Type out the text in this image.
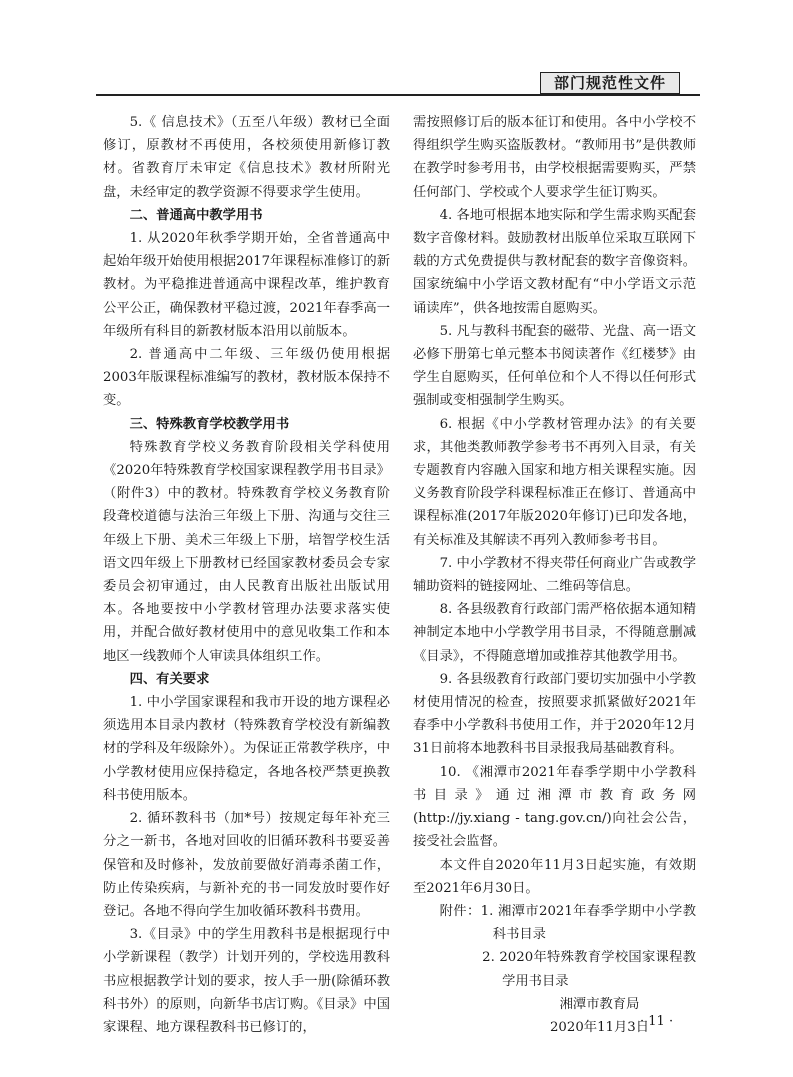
部门规范性文件

5.《 信息技术》（五至八年级）教材已全面修订，原教材不再使用，各校须使用新修订教材。省教育厅未审定《信息技术》教材所附光盘，未经审定的教学资源不得要求学生使用。

二、普通高中教学用书

1. 从2020年秋季学期开始，全省普通高中起始年级开始使用根据2017年课程标准修订的新教材。为平稳推进普通高中课程改革，维护教育公平公正，确保教材平稳过渡，2021年春季高一年级所有科目的新教材版本沿用以前版本。

2. 普通高中二年级、三年级仍使用根据2003年版课程标准编写的教材，教材版本保持不变。

三、特殊教育学校教学用书

特殊教育学校义务教育阶段相关学科使用《2020年特殊教育学校国家课程教学用书目录》（附件3）中的教材。特殊教育学校义务教育阶段聋校道德与法治三年级上下册、沟通与交往三年级上下册、美术三年级上下册，培智学校生活语文四年级上下册教材已经国家教材委员会专家委员会初审通过，由人民教育出版社出版试用本。各地要按中小学教材管理办法要求落实使用，并配合做好教材使用中的意见收集工作和本地区一线教师个人审读具体组织工作。

四、有关要求

1. 中小学国家课程和我市开设的地方课程必须选用本目录内教材（特殊教育学校没有新编教材的学科及年级除外）。为保证正常教学秩序，中小学教材使用应保持稳定，各地各校严禁更换教科书使用版本。

2. 循环教科书（加*号）按规定每年补充三分之一新书，各地对回收的旧循环教科书要妥善保管和及时修补，发放前要做好消毒杀菌工作，防止传染疾病，与新补充的书一同发放时要作好登记。各地不得向学生加收循环教科书费用。

3.《目录》中的学生用教科书是根据现行中小学新课程（教学）计划开列的，学校选用教科书应根据教学计划的要求，按人手一册(除循环教科书外）的原则，向新华书店订购。《目录》中国家课程、地方课程教科书已修订的，

需按照修订后的版本征订和使用。各中小学校不得组织学生购买盗版教材。“教师用书”是供教师在教学时参考用书，由学校根据需要购买，严禁任何部门、学校或个人要求学生征订购买。

4. 各地可根据本地实际和学生需求购买配套数字音像材料。鼓励教材出版单位采取互联网下载的方式免费提供与教材配套的数字音像资料。国家统编中小学语文教材配有“中小学语文示范诵读库”，供各地按需自愿购买。

5. 凡与教科书配套的磁带、光盘、高一语文必修下册第七单元整本书阅读著作《红楼梦》由学生自愿购买，任何单位和个人不得以任何形式强制或变相强制学生购买。

6. 根据《中小学教材管理办法》的有关要求，其他类教师教学参考书不再列入目录，有关专题教育内容融入国家和地方相关课程实施。因义务教育阶段学科课程标准正在修订、普通高中课程标准(2017年版2020年修订)已印发各地，有关标准及其解读不再列入教师参考书目。

7. 中小学教材不得夹带任何商业广告或教学辅助资料的链接网址、二维码等信息。

8. 各县级教育行政部门需严格依据本通知精神制定本地中小学教学用书目录，不得随意删减《目录》，不得随意增加或推荐其他教学用书。

9. 各县级教育行政部门要切实加强中小学教材使用情况的检查，按照要求抓紧做好2021年春季中小学教科书使用工作，并于2020年12月31日前将本地教科书目录报我局基础教育科。

10. 《湘潭市2021年春季学期中小学教科书目录》通过湘潭市教育政务网(http://jy.xiang - tang.gov.cn/)向社会公告，接受社会监督。

本文件自2020年11月3日起实施，有效期至2021年6月30日。

附件：1. 湘潭市2021年春季学期中小学教科书目录

2. 2020年特殊教育学校国家课程教学用书目录

湘潭市教育局

2020年11月3日

· 11 ·
